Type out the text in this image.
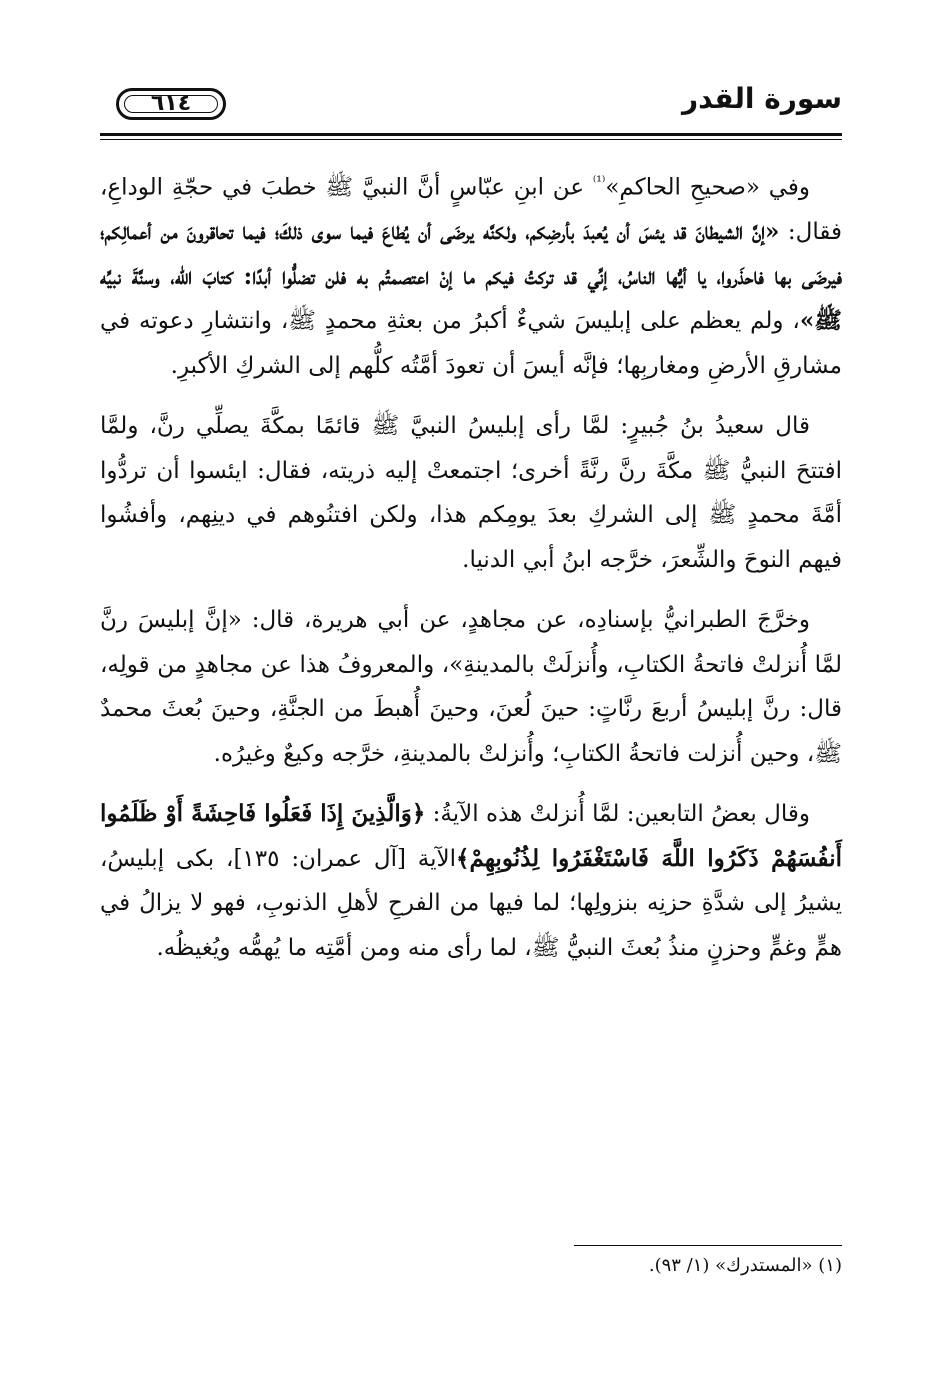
٦١٤	سورة القدر

وفي «صحيحِ الحاكمِ»$^{^{(1)}}$ عن ابنِ عبّاسٍ أنَّ النبيَّ ﷺ خطبَ في حجّةِ الوداعِ، فقال: «إنَّ الشيطانَ قد يئسَ أن يُعبدَ بأرضِكم، ولكنَّه يرضَى أن يُطاعَ فيما سوى ذلكَ؛ فيما تحاقرونَ من أعمالِكم؛ فيرضَى بها فاحذَروا، يا أيُّها الناسُ، إنِّي قد تركتُ فيكم ما إنْ اعتصمتُم به فلن تضلُّوا أبدًا: كتابَ اللّه، وسنَّةَ نبيِّه ﷺ»، ولم يعظم على إبليسَ شيءٌ أكبرُ من بعثةِ محمدٍ ﷺ، وانتشارِ دعوته في مشارقِ الأرضِ ومغاربِها؛ فإنَّه أيسَ أن تعودَ أمَّتُه كلُّهم إلى الشركِ الأكبرِ.

قال سعيدُ بنُ جُبيرٍ: لمَّا رأى إبليسُ النبيَّ ﷺ قائمًا بمكَّةَ يصلِّي رنَّ، ولمَّا افتتحَ النبيُّ ﷺ مكَّةَ رنَّ رنَّةً أخرى؛ اجتمعتْ إليه ذريته، فقال: ايئسوا أن تردُّوا أمَّةَ محمدٍ ﷺ إلى الشركِ بعدَ يومِكم هذا، ولكن افتنُوهم في دينِهم، وأفشُوا فيهم النوحَ والشِّعرَ، خرَّجه ابنُ أبي الدنيا.

وخرَّجَ الطبرانيُّ بإسنادِه، عن مجاهدٍ، عن أبي هريرة، قال: «إنَّ إبليسَ رنَّ لمَّا أُنزلتْ فاتحةُ الكتابِ، وأُنزلَتْ بالمدينةِ»، والمعروفُ هذا عن مجاهدٍ من قولِه، قال: رنَّ إبليسُ أربعَ رنَّاتٍ: حينَ لُعنَ، وحينَ أُهبطَ من الجنَّةِ، وحينَ بُعثَ محمدٌ ﷺ، وحين أُنزلت فاتحةُ الكتابِ؛ وأُنزلتْ بالمدينةِ، خرَّجه وكيعٌ وغيرُه.

وقال بعضُ التابعين: لمَّا أُنزلتْ هذه الآيةُ: ﴿وَالَّذِينَ إِذَا فَعَلُوا فَاحِشَةً أَوْ ظَلَمُوا أَنفُسَهُمْ ذَكَرُوا اللَّهَ فَاسْتَغْفَرُوا لِذُنُوبِهِمْ﴾الآية [آل عمران: ١٣٥]، بكى إبليسُ، يشيرُ إلى شدَّةِ حزنِه بنزولِها؛ لما فيها من الفرحِ لأهلِ الذنوبِ، فهو لا يزالُ في همٍّ وغمٍّ وحزنٍ منذُ بُعثَ النبيُّ ﷺ، لما رأى منه ومن أمَّتِه ما يُهمُّه ويُغيظُه.

(١) «المستدرك» (١/ ٩٣).
